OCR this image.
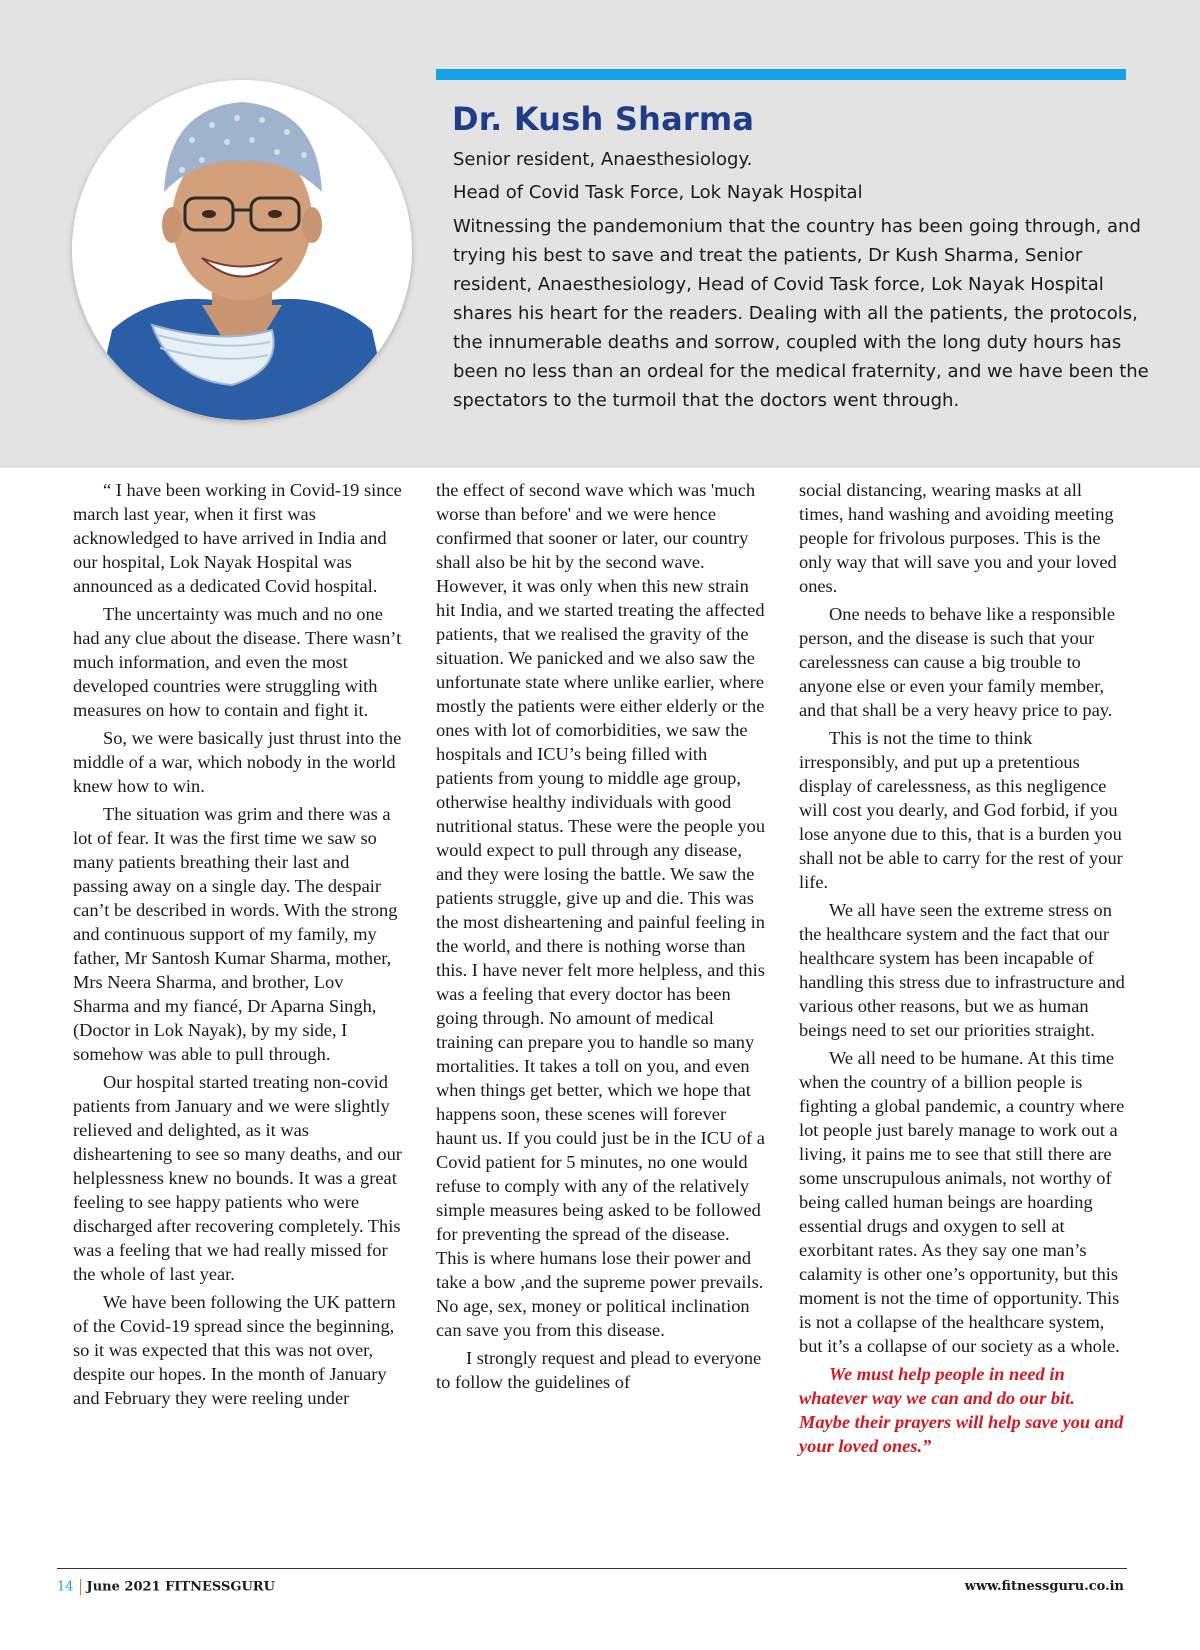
Dr. Kush Sharma
Senior resident, Anaesthesiology.
Head of Covid Task Force, Lok Nayak Hospital

Witnessing the pandemonium that the country has been going through, and trying his best to save and treat the patients, Dr Kush Sharma, Senior resident, Anaesthesiology, Head of Covid Task force, Lok Nayak Hospital shares his heart for the readers. Dealing with all the patients, the protocols, the innumerable deaths and sorrow, coupled with the long duty hours has been no less than an ordeal for the medical fraternity, and we have been the spectators to the turmoil that the doctors went through.

“ I have been working in Covid-19 since march last year, when it first was acknowledged to have arrived in India and our hospital, Lok Nayak Hospital was announced as a dedicated Covid hospital.

The uncertainty was much and no one had any clue about the disease. There wasn’t much information, and even the most developed countries were struggling with measures on how to contain and fight it.

So, we were basically just thrust into the middle of a war, which nobody in the world knew how to win.

The situation was grim and there was a lot of fear. It was the first time we saw so many patients breathing their last and passing away on a single day. The despair can’t be described in words. With the strong and continuous support of my family, my father, Mr Santosh Kumar Sharma, mother, Mrs Neera Sharma, and brother, Lov Sharma and my fiancé, Dr Aparna Singh, (Doctor in Lok Nayak), by my side, I somehow was able to pull through.

Our hospital started treating non-covid patients from January and we were slightly relieved and delighted, as it was disheartening to see so many deaths, and our helplessness knew no bounds. It was a great feeling to see happy patients who were discharged after recovering completely. This was a feeling that we had really missed for the whole of last year.

We have been following the UK pattern of the Covid-19 spread since the beginning, so it was expected that this was not over, despite our hopes. In the month of January and February they were reeling under

the effect of second wave which was 'much worse than before' and we were hence confirmed that sooner or later, our country shall also be hit by the second wave. However, it was only when this new strain hit India, and we started treating the affected patients, that we realised the gravity of the situation. We panicked and we also saw the unfortunate state where unlike earlier, where mostly the patients were either elderly or the ones with lot of comorbidities, we saw the hospitals and ICU’s being filled with patients from young to middle age group, otherwise healthy individuals with good nutritional status. These were the people you would expect to pull through any disease, and they were losing the battle. We saw the patients struggle, give up and die. This was the most disheartening and painful feeling in the world, and there is nothing worse than this. I have never felt more helpless, and this was a feeling that every doctor has been going through. No amount of medical training can prepare you to handle so many mortalities. It takes a toll on you, and even when things get better, which we hope that happens soon, these scenes will forever haunt us. If you could just be in the ICU of a Covid patient for 5 minutes, no one would refuse to comply with any of the relatively simple measures being asked to be followed for preventing the spread of the disease. This is where humans lose their power and take a bow ,and the supreme power prevails. No age, sex, money or political inclination can save you from this disease.

I strongly request and plead to everyone to follow the guidelines of

social distancing, wearing masks at all times, hand washing and avoiding meeting people for frivolous purposes. This is the only way that will save you and your loved ones.

One needs to behave like a responsible person, and the disease is such that your carelessness can cause a big trouble to anyone else or even your family member, and that shall be a very heavy price to pay.

This is not the time to think irresponsibly, and put up a pretentious display of carelessness, as this negligence will cost you dearly, and God forbid, if you lose anyone due to this, that is a burden you shall not be able to carry for the rest of your life.

We all have seen the extreme stress on the healthcare system and the fact that our healthcare system has been incapable of handling this stress due to infrastructure and various other reasons, but we as human beings need to set our priorities straight.

We all need to be humane. At this time when the country of a billion people is fighting a global pandemic, a country where lot people just barely manage to work out a living, it pains me to see that still there are some unscrupulous animals, not worthy of being called human beings are hoarding essential drugs and oxygen to sell at exorbitant rates. As they say one man’s calamity is other one’s opportunity, but this moment is not the time of opportunity. This is not a collapse of the healthcare system, but it’s a collapse of our society as a whole.

We must help people in need in whatever way we can and do our bit. Maybe their prayers will help save you and your loved ones.”

14 June 2021 FITNESSGURU	www.fitnessguru.co.in
